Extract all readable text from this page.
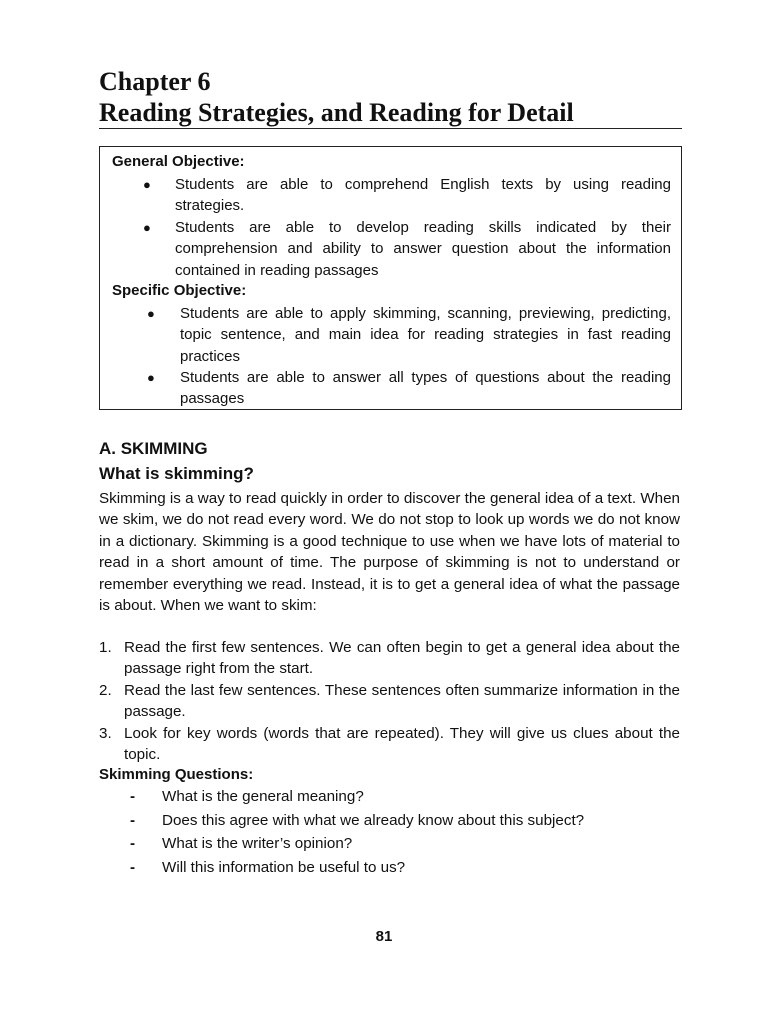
Chapter 6
Reading Strategies, and Reading for Detail
General Objective:
● Students are able to comprehend English texts by using reading strategies.
● Students are able to develop reading skills indicated by their comprehension and ability to answer question about the information contained in reading passages
Specific Objective:
● Students are able to apply skimming, scanning, previewing, predicting, topic sentence, and main idea for reading strategies in fast reading practices
● Students are able to answer all types of questions about the reading passages
A. SKIMMING
What is skimming?
Skimming is a way to read quickly in order to discover the general idea of a text. When we skim, we do not read every word. We do not stop to look up words we do not know in a dictionary. Skimming is a good technique to use when we have lots of material to read in a short amount of time. The purpose of skimming is not to understand or remember everything we read. Instead, it is to get a general idea of what the passage is about. When we want to skim:
1. Read the first few sentences. We can often begin to get a general idea about the passage right from the start.
2. Read the last few sentences. These sentences often summarize information in the passage.
3. Look for key words (words that are repeated). They will give us clues about the topic.
Skimming Questions:
- What is the general meaning?
- Does this agree with what we already know about this subject?
- What is the writer’s opinion?
- Will this information be useful to us?
81
